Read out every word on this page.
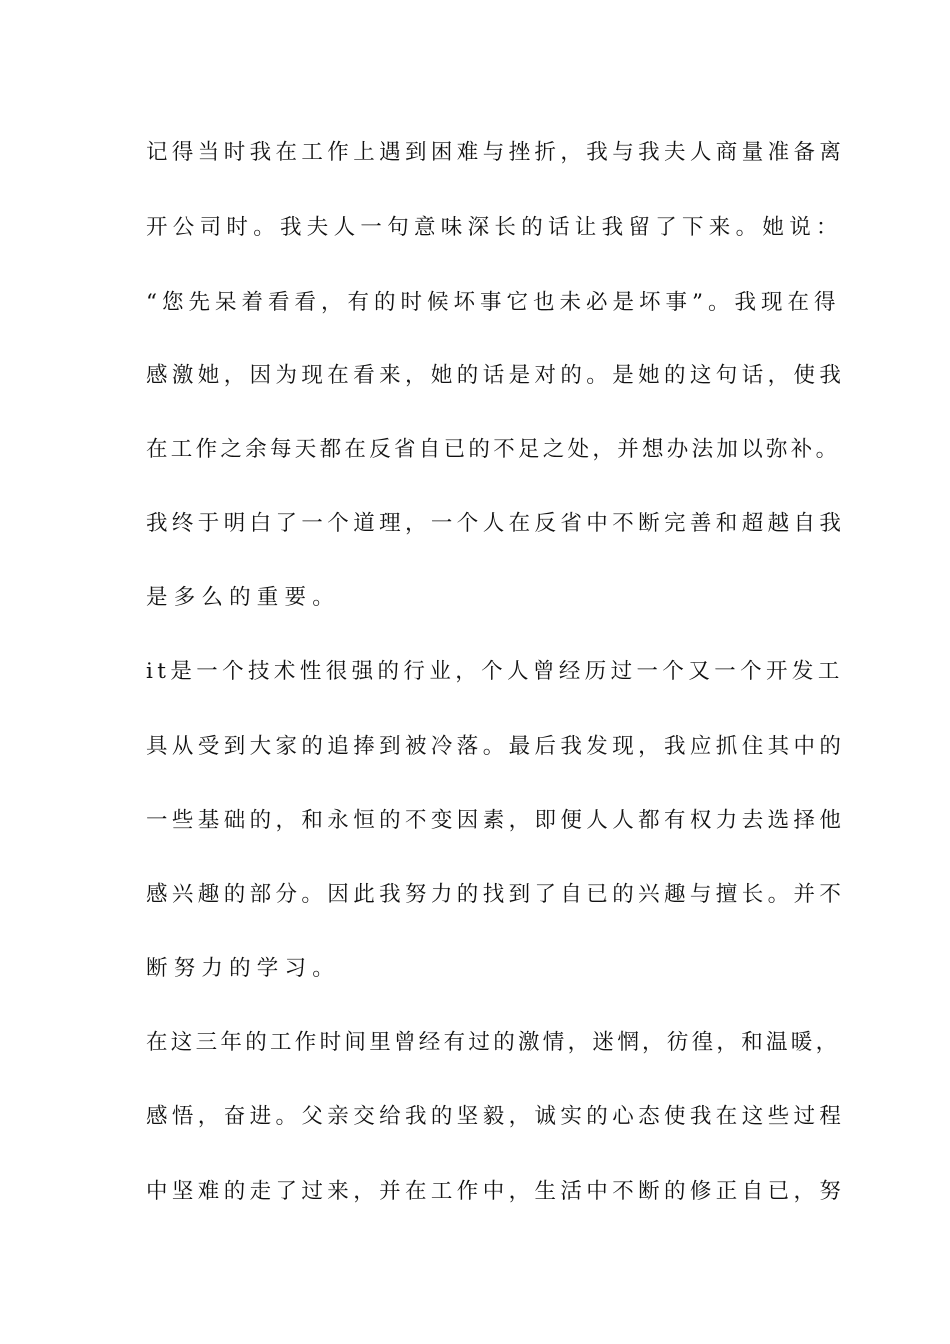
记得当时我在工作上遇到困难与挫折，我与我夫人商量准备离

开公司时。我夫人一句意味深长的话让我留了下来。她说：

“您先呆着看看，有的时候坏事它也未必是坏事”。我现在得

感激她，因为现在看来，她的话是对的。是她的这句话，使我

在工作之余每天都在反省自已的不足之处，并想办法加以弥补。

我终于明白了一个道理，一个人在反省中不断完善和超越自我

是多么的重要。

it是一个技术性很强的行业，个人曾经历过一个又一个开发工

具从受到大家的追捧到被冷落。最后我发现，我应抓住其中的

一些基础的，和永恒的不变因素，即便人人都有权力去选择他

感兴趣的部分。因此我努力的找到了自已的兴趣与擅长。并不

断努力的学习。

在这三年的工作时间里曾经有过的激情，迷惘，彷徨，和温暖，

感悟，奋进。父亲交给我的坚毅，诚实的心态使我在这些过程

中坚难的走了过来，并在工作中，生活中不断的修正自已，努
